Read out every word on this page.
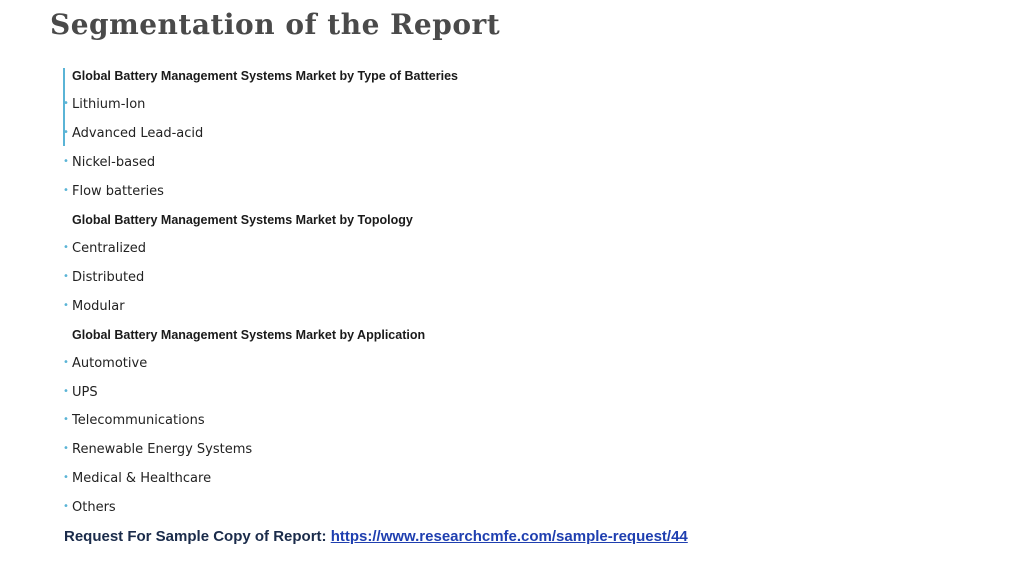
Segmentation of the Report
Global Battery Management Systems Market by Type of Batteries
• Lithium-Ion
• Advanced Lead-acid
• Nickel-based
• Flow batteries
Global Battery Management Systems Market by Topology
• Centralized
• Distributed
• Modular
Global Battery Management Systems Market by Application
• Automotive
• UPS
• Telecommunications
• Renewable Energy Systems
• Medical & Healthcare
• Others
Request For Sample Copy of Report: https://www.researchcmfe.com/sample-request/44
